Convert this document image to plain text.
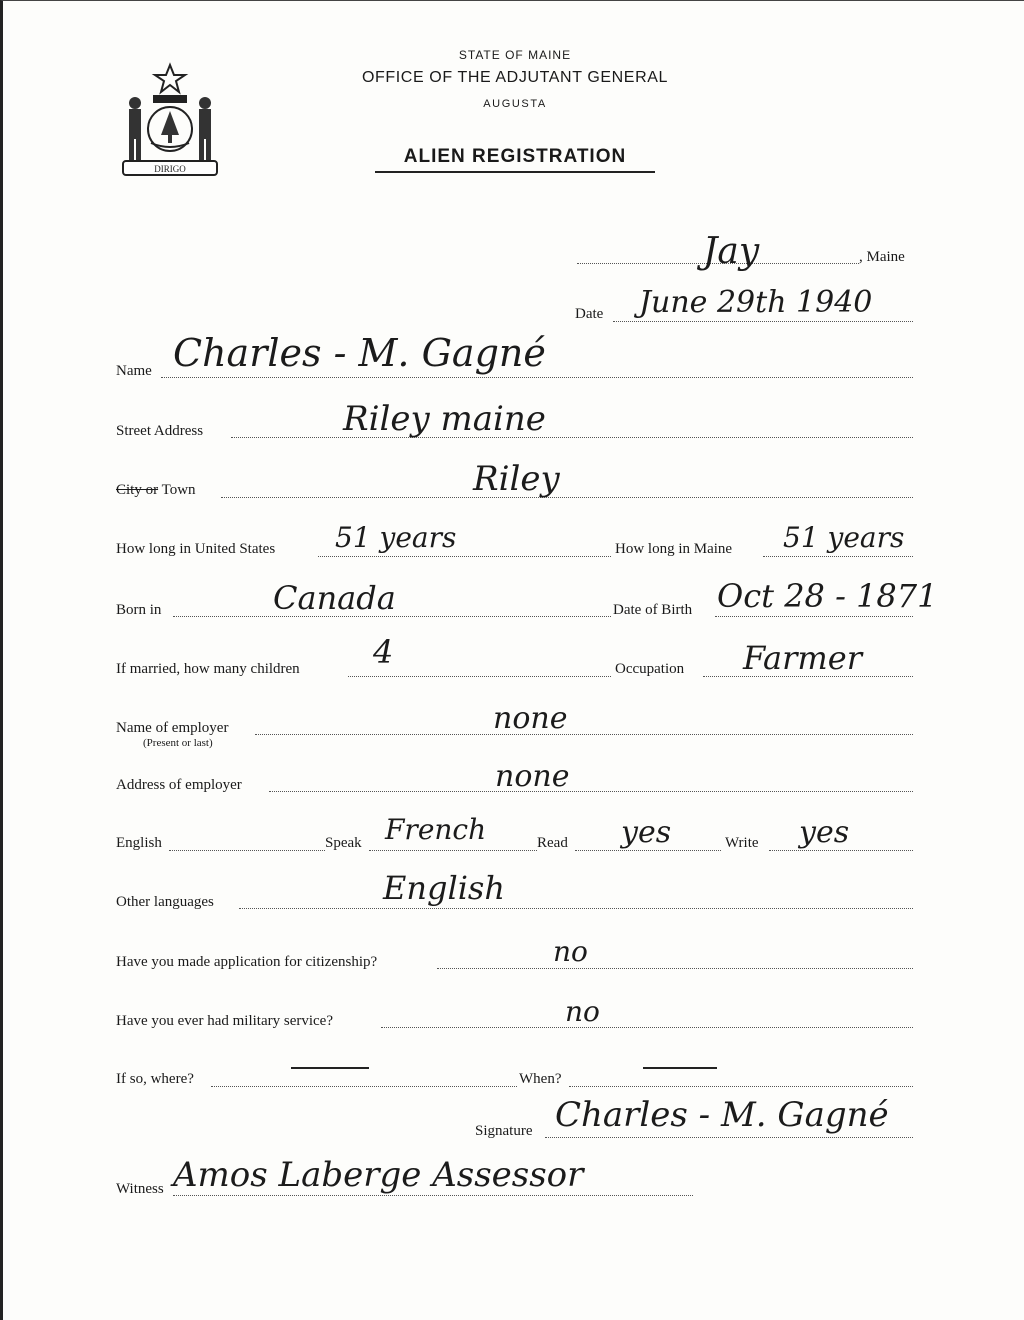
DIRIGO
STATE OF MAINE
OFFICE OF THE ADJUTANT GENERAL
AUGUSTA
ALIEN REGISTRATION
Jay	, Maine
Date June 29th 1940
Name Charles - M. Gagné
Street Address	Riley maine
City or Town	Riley
How long in United States 51 years	How long in Maine 51 years
Born in	Canada	Date of Birth Oct 28 - 1871
If married, how many children 4	Occupation Farmer
Name of employer
(Present or last)
none
Address of employer	none
English	Speak French	Read yes	Write yes
Other languages	English
Have you made application for citizenship?	no
Have you ever had military service?	no
If so, where?	When?
Signature Charles - M. Gagné
Witness Amos Laberge Assessor
